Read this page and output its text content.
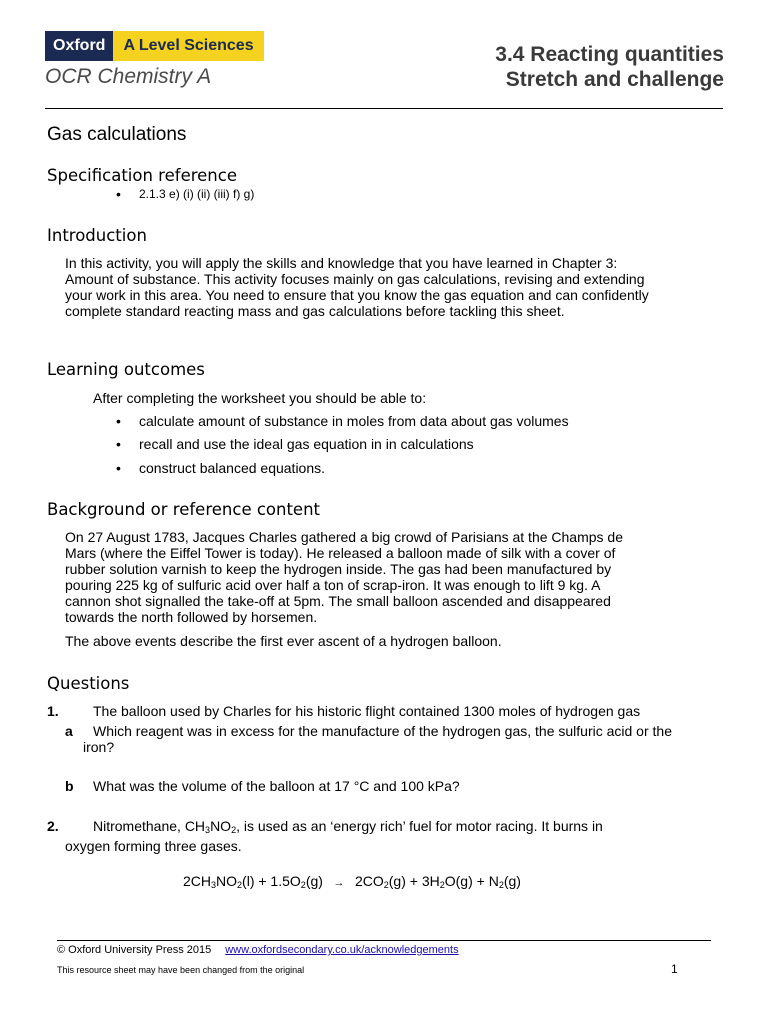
Oxford	A Level Sciences
OCR Chemistry A
3.4 Reacting quantities
Stretch and challenge
Gas calculations
Specification reference
•	2.1.3 e) (i) (ii) (iii) f) g)
Introduction
In this activity, you will apply the skills and knowledge that you have learned in Chapter 3: Amount of substance. This activity focuses mainly on gas calculations, revising and extending your work in this area. You need to ensure that you know the gas equation and can confidently complete standard reacting mass and gas calculations before tackling this sheet.
Learning outcomes
After completing the worksheet you should be able to:
•	calculate amount of substance in moles from data about gas volumes
•	recall and use the ideal gas equation in in calculations
•	construct balanced equations.
Background or reference content
On 27 August 1783, Jacques Charles gathered a big crowd of Parisians at the Champs de Mars (where the Eiffel Tower is today). He released a balloon made of silk with a cover of rubber solution varnish to keep the hydrogen inside. The gas had been manufactured by pouring 225 kg of sulfuric acid over half a ton of scrap-iron. It was enough to lift 9 kg. A cannon shot signalled the take-off at 5pm. The small balloon ascended and disappeared towards the north followed by horsemen.
The above events describe the first ever ascent of a hydrogen balloon.
Questions
1. The balloon used by Charles for his historic flight contained 1300 moles of hydrogen gas
a	Which reagent was in excess for the manufacture of the hydrogen gas, the sulfuric acid or the iron?
b What was the volume of the balloon at 17 °C and 100 kPa?
2.	Nitromethane, $CH_3NO_2$, is used as an ‘energy rich’ fuel for motor racing. It burns in oxygen forming three gases.
$2CH_3NO_2(l) + 1.5O_2(g) \to 2CO_2(g) + 3H_2O(g) + N_2(g)$
© Oxford University Press 2015 www.oxfordsecondary.co.uk/acknowledgements
This resource sheet may have been changed from the original	1
